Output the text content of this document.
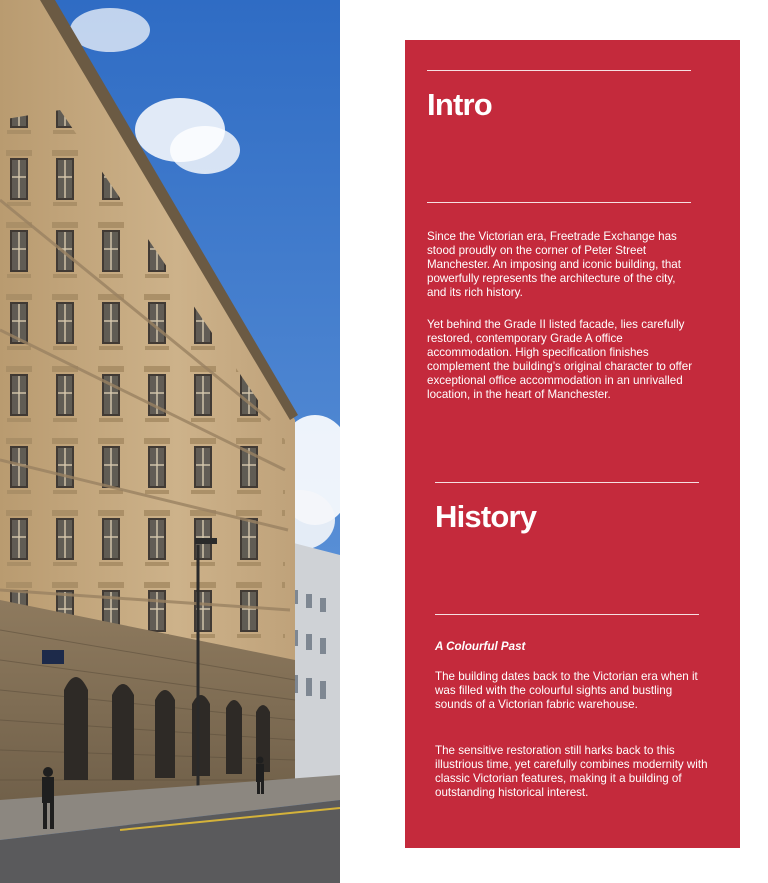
Intro

Since the Victorian era, Freetrade Exchange has stood proudly on the corner of Peter Street Manchester. An imposing and iconic building, that powerfully represents the architecture of the city, and its rich history.

Yet behind the Grade II listed facade, lies carefully restored, contemporary Grade A office accommodation. High specification finishes complement the building’s original character to offer exceptional office accommodation in an unrivalled location, in the heart of Manchester.

History

A Colourful Past

The building dates back to the Victorian era when it was filled with the colourful sights and bustling sounds of a Victorian fabric warehouse.

The sensitive restoration still harks back to this illustrious time, yet carefully combines modernity with classic Victorian features, making it a building of outstanding historical interest.
